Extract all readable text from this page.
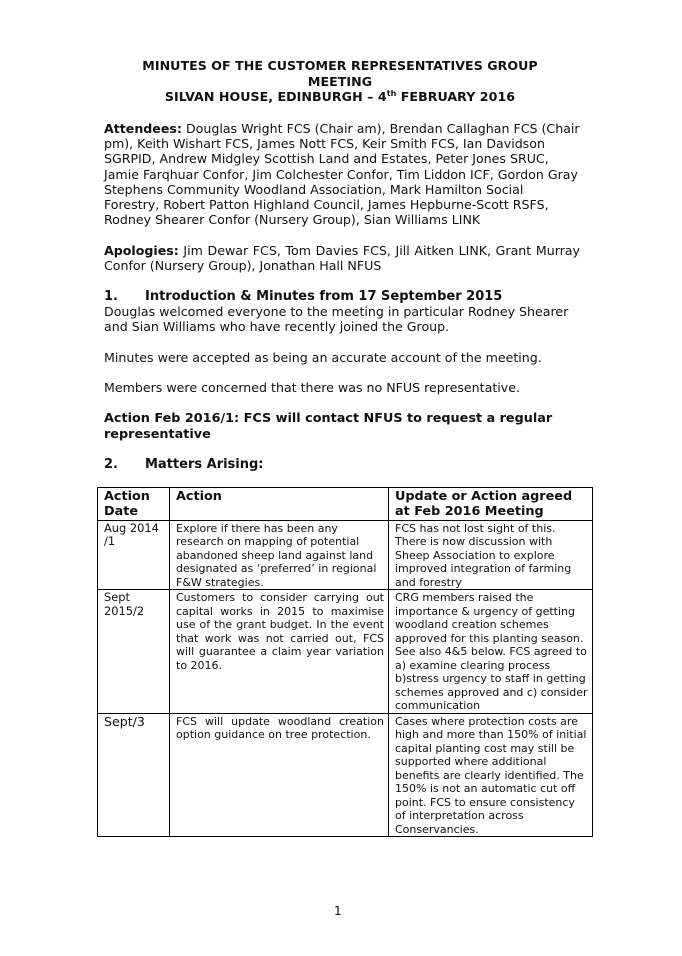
MINUTES OF THE CUSTOMER REPRESENTATIVES GROUP
MEETING
SILVAN HOUSE, EDINBURGH – 4th FEBRUARY 2016
Attendees: Douglas Wright FCS (Chair am), Brendan Callaghan FCS (Chair pm), Keith Wishart FCS, James Nott FCS, Keir Smith FCS, Ian Davidson SGRPID, Andrew Midgley Scottish Land and Estates, Peter Jones SRUC, Jamie Farqhuar Confor, Jim Colchester Confor, Tim Liddon ICF, Gordon Gray Stephens Community Woodland Association, Mark Hamilton Social Forestry, Robert Patton Highland Council, James Hepburne-Scott RSFS, Rodney Shearer Confor (Nursery Group), Sian Williams LINK
Apologies: Jim Dewar FCS, Tom Davies FCS, Jill Aitken LINK, Grant Murray Confor (Nursery Group), Jonathan Hall NFUS
1. Introduction & Minutes from 17 September 2015
Douglas welcomed everyone to the meeting in particular Rodney Shearer and Sian Williams who have recently joined the Group.
Minutes were accepted as being an accurate account of the meeting.
Members were concerned that there was no NFUS representative.
Action Feb 2016/1: FCS will contact NFUS to request a regular representative
2. Matters Arising:
Action Date	Action	Update or Action agreed at Feb 2016 Meeting
Aug 2014 /1	Explore if there has been any research on mapping of potential abandoned sheep land against land designated as ‘preferred’ in regional F&W strategies.	FCS has not lost sight of this. There is now discussion with Sheep Association to explore improved integration of farming and forestry
Sept 2015/2	Customers to consider carrying out capital works in 2015 to maximise use of the grant budget. In the event that work was not carried out, FCS will guarantee a claim year variation to 2016.	CRG members raised the importance & urgency of getting woodland creation schemes approved for this planting season. See also 4&5 below. FCS agreed to a) examine clearing process b)stress urgency to staff in getting schemes approved and c) consider communication
Sept/3	FCS will update woodland creation option guidance on tree protection.	Cases where protection costs are high and more than 150% of initial capital planting cost may still be supported where additional benefits are clearly identified. The 150% is not an automatic cut off point. FCS to ensure consistency of interpretation across Conservancies.
1
